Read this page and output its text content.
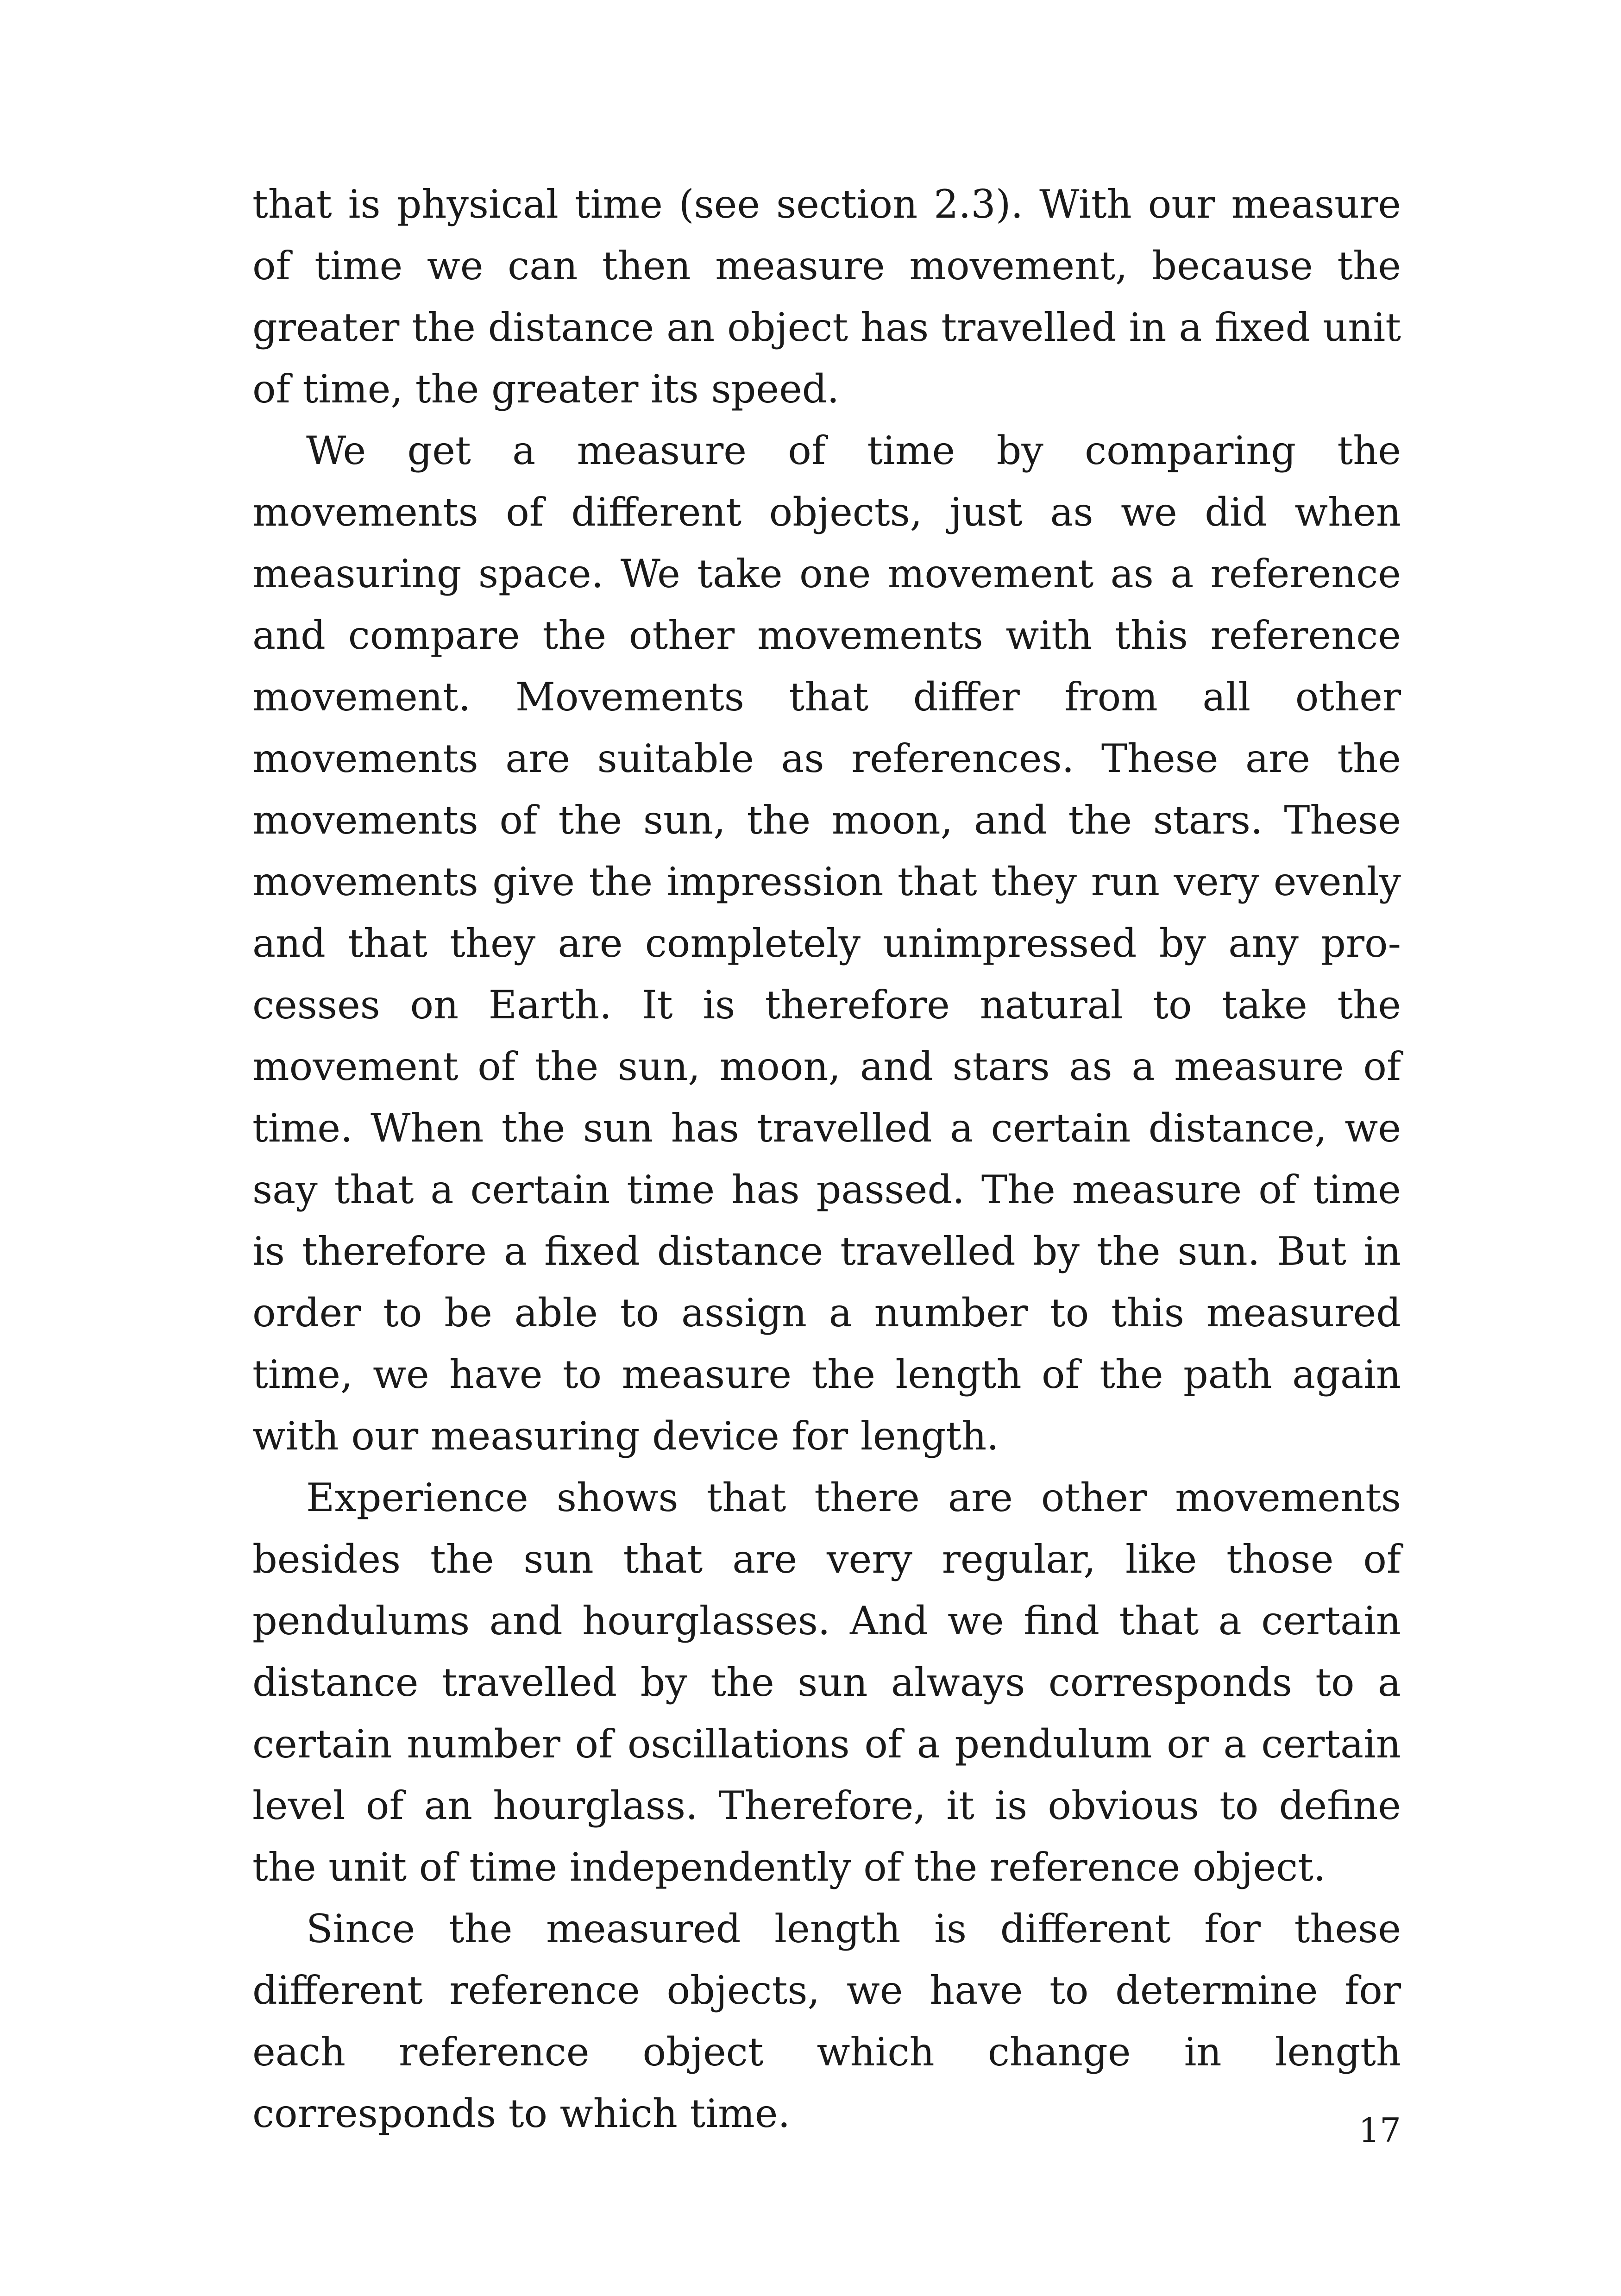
that is physical time (see section 2.3). With our measure of time we can then measure movement, because the greater the distance an object has travelled in a fixed unit of time, the greater its speed.

We get a measure of time by comparing the movements of different objects, just as we did when measuring space. We take one movement as a reference and compare the other movements with this reference movement. Movements that differ from all other movements are suitable as references. These are the movements of the sun, the moon, and the stars. These movements give the impression that they run very evenly and that they are completely unimpressed by any processes on Earth. It is therefore natural to take the movement of the sun, moon, and stars as a measure of time. When the sun has travelled a certain distance, we say that a certain time has passed. The measure of time is therefore a fixed distance travelled by the sun. But in order to be able to assign a number to this measured time, we have to measure the length of the path again with our measuring device for length.

Experience shows that there are other movements besides the sun that are very regular, like those of pendulums and hourglasses. And we find that a certain distance travelled by the sun always corresponds to a certain number of oscillations of a pendulum or a certain level of an hourglass. Therefore, it is obvious to define the unit of time independently of the reference object.

Since the measured length is different for these different reference objects, we have to determine for each reference object which change in length corresponds to which time.	17
